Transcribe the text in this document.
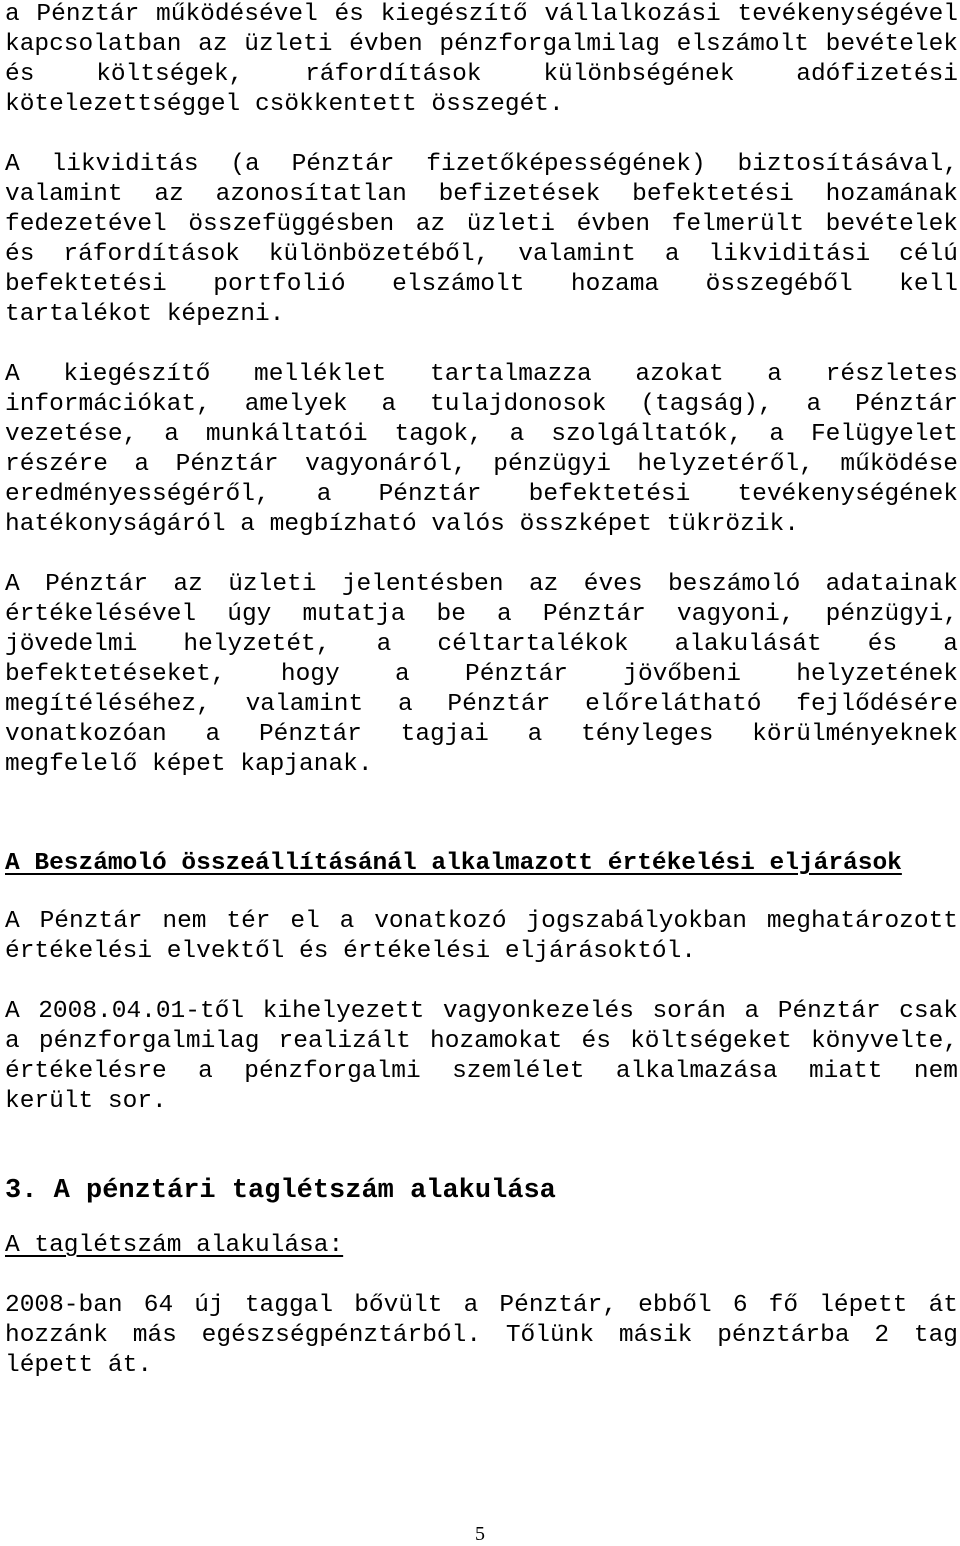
a Pénztár működésével és kiegészítő vállalkozási tevékenységével kapcsolatban az üzleti évben pénzforgalmilag elszámolt bevételek és költségek, ráfordítások különbségének adófizetési kötelezettséggel csökkentett összegét.

A likviditás (a Pénztár fizetőképességének) biztosításával, valamint az azonosítatlan befizetések befektetési hozamának fedezetével összefüggésben az üzleti évben felmerült bevételek és ráfordítások különbözetéből, valamint a likviditási célú befektetési portfolió elszámolt hozama összegéből kell tartalékot képezni.

A kiegészítő melléklet tartalmazza azokat a részletes információkat, amelyek a tulajdonosok (tagság), a Pénztár vezetése, a munkáltatói tagok, a szolgáltatók, a Felügyelet részére a Pénztár vagyonáról, pénzügyi helyzetéről, működése eredményességéről, a Pénztár befektetési tevékenységének hatékonyságáról a megbízható valós összképet tükrözik.

A Pénztár az üzleti jelentésben az éves beszámoló adatainak értékelésével úgy mutatja be a Pénztár vagyoni, pénzügyi, jövedelmi helyzetét, a céltartalékok alakulását és a befektetéseket, hogy a Pénztár jövőbeni helyzetének megítéléséhez, valamint a Pénztár előrelátható fejlődésére vonatkozóan a Pénztár tagjai a tényleges körülményeknek megfelelő képet kapjanak.

A Beszámoló összeállításánál alkalmazott értékelési eljárások

A Pénztár nem tér el a vonatkozó jogszabályokban meghatározott értékelési elvektől és értékelési eljárásoktól.

A 2008.04.01-től kihelyezett vagyonkezelés során a Pénztár csak a pénzforgalmilag realizált hozamokat és költségeket könyvelte, értékelésre a pénzforgalmi szemlélet alkalmazása miatt nem került sor.

3. A pénztári taglétszám alakulása

A taglétszám alakulása:

2008-ban 64 új taggal bővült a Pénztár, ebből 6 fő lépett át hozzánk más egészségpénztárból. Tőlünk másik pénztárba 2 tag lépett át.

5
